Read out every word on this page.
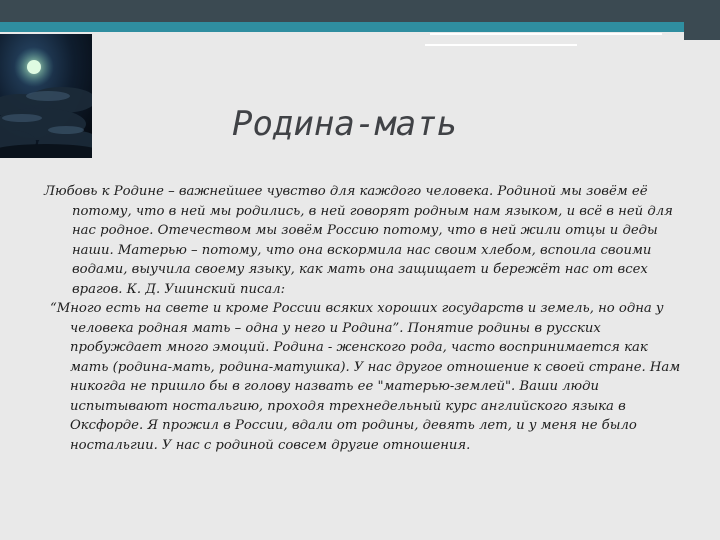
Родина-мать

Любовь к Родине – важнейшее чувство для каждого человека. Родиной мы зовём её потому, что в ней мы родились, в ней говорят родным нам языком, и всё в ней для нас родное. Отечеством мы зовём Россию потому, что в ней жили отцы и деды наши. Матерью – потому, что она вскормила нас своим хлебом, вспоила своими водами, выучила своему языку, как мать она защищает и бережёт нас от всех врагов. К. Д. Ушинский писал:

“Много есть на свете и кроме России всяких хороших государств и земель, но одна у человека родная мать – одна у него и Родина”. Понятие родины в русских пробуждает много эмоций. Родина - женского рода, часто воспринимается как мать (родина-мать, родина-матушка). У нас другое отношение к своей стране. Нам никогда не пришло бы в голову назвать ее "матерью-землей". Ваши люди испытывают ностальгию, проходя трехнедельный курс английского языка в Оксфорде. Я прожил в России, вдали от родины, девять лет, и у меня не было ностальгии. У нас с родиной совсем другие отношения.
